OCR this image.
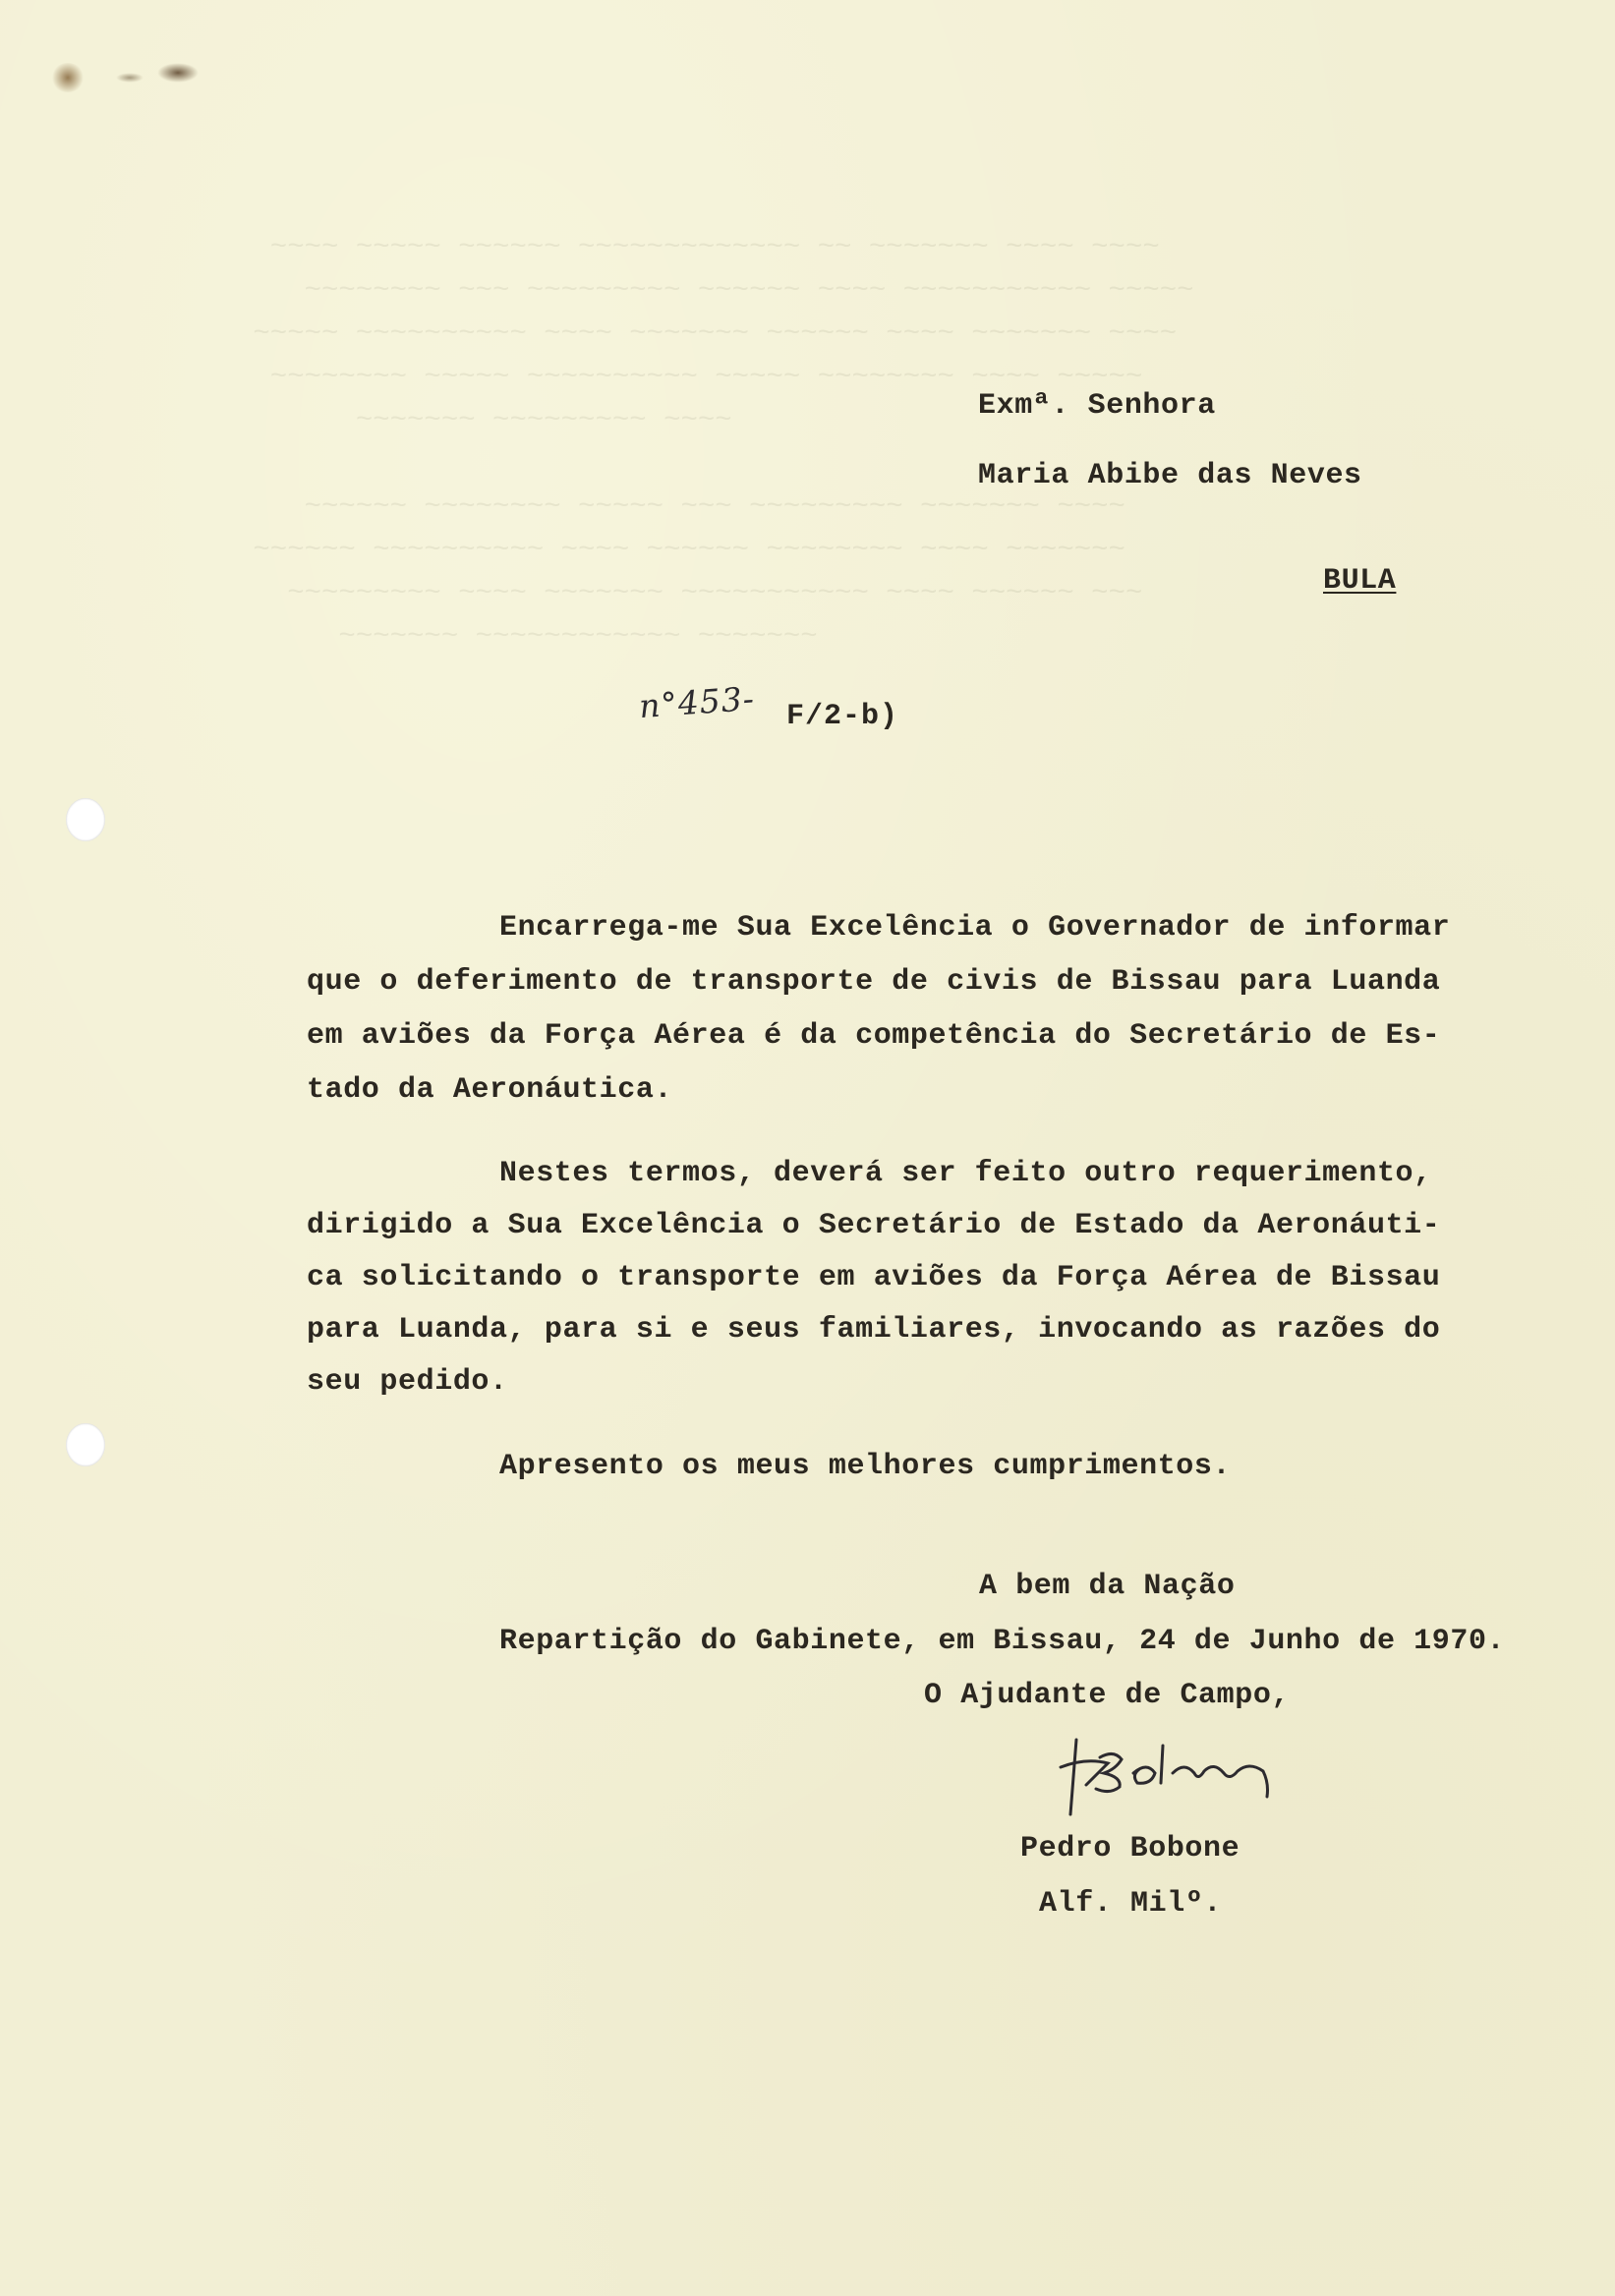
~~~~ ~~~~~ ~~~~~~ ~~~~~~~~~~~~~ ~~ ~~~~~~~ ~~~~ ~~~~
~~~~~~~~ ~~~ ~~~~~~~~~ ~~~~~~ ~~~~ ~~~~~~~~~~~ ~~~~~
~~~~~ ~~~~~~~~~~ ~~~~ ~~~~~~~ ~~~~~~ ~~~~ ~~~~~~~ ~~~~
~~~~~~~~ ~~~~~ ~~~~~~~~~~ ~~~~~ ~~~~~~~~ ~~~~ ~~~~~
~~~~~~~ ~~~~~~~~~ ~~~~

~~~~~~ ~~~~~~~~ ~~~~~ ~~~ ~~~~~~~~~ ~~~~~~~ ~~~~
~~~~~~ ~~~~~~~~~~ ~~~~ ~~~~~~ ~~~~~~~~ ~~~~ ~~~~~~~
~~~~~~~~~ ~~~~ ~~~~~~~ ~~~~~~~~~~~ ~~~~ ~~~~~~ ~~~
~~~~~~~ ~~~~~~~~~~~~ ~~~~~~~
Exmª. Senhora
Maria Abibe das Neves
BULA
n°453- F/2-b)
Encarrega-me Sua Excelência o Governador de informar
que o deferimento de transporte de civis de Bissau para Luanda
em aviões da Força Aérea é da competência do Secretário de Es-
tado da Aeronáutica.
Nestes termos, deverá ser feito outro requerimento,
dirigido a Sua Excelência o Secretário de Estado da Aeronáuti-
ca solicitando o transporte em aviões da Força Aérea de Bissau
para Luanda, para si e seus familiares, invocando as razões do
seu pedido.
Apresento os meus melhores cumprimentos.
A bem da Nação
Repartição do Gabinete, em Bissau, 24 de Junho de 1970.
O Ajudante de Campo,
Pedro Bobone
Alf. Milº.
